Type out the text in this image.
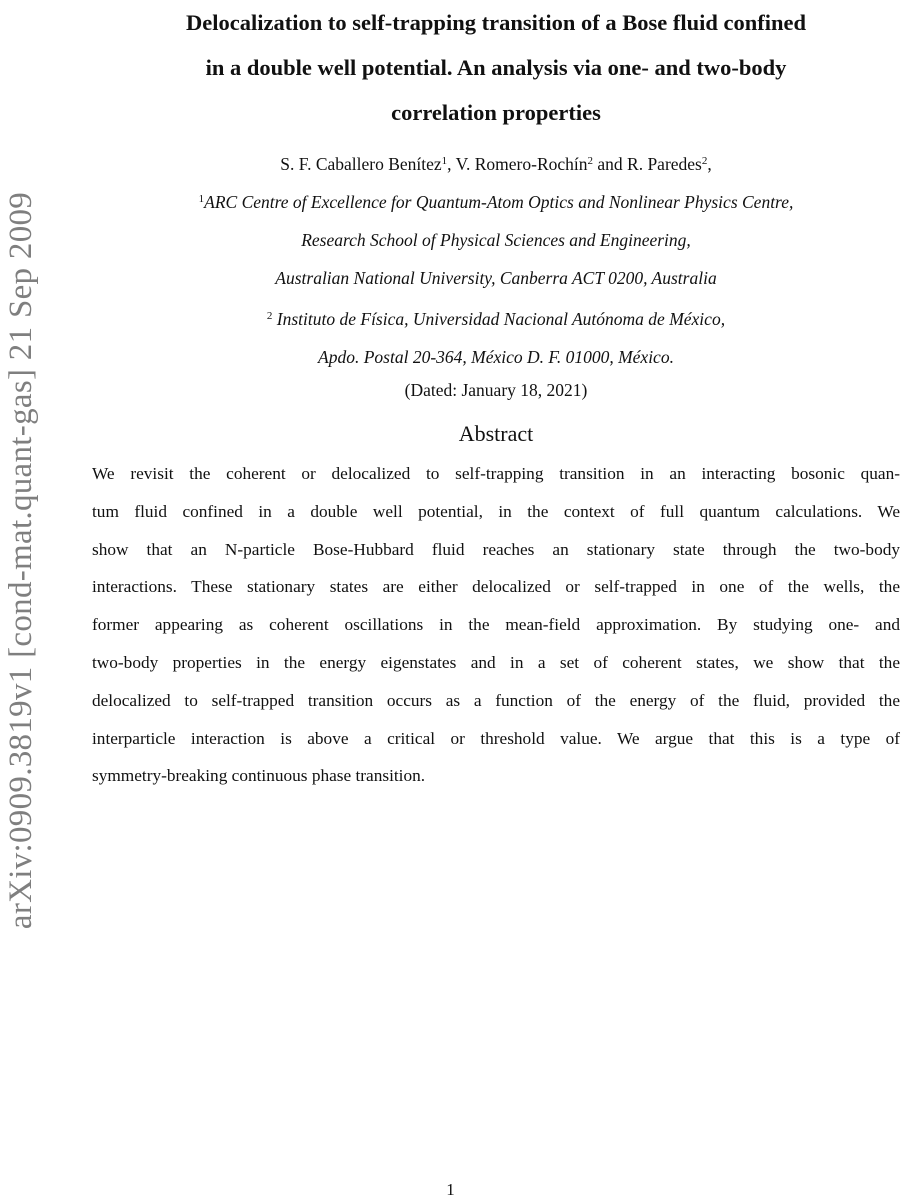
arXiv:0909.3819v1 [cond-mat.quant-gas] 21 Sep 2009
Delocalization to self-trapping transition of a Bose fluid confined
in a double well potential. An analysis via one- and two-body
correlation properties
S. F. Caballero Benítez$^1$, V. Romero-Rochín$^2$ and R. Paredes$^2$,
$^1$ARC Centre of Excellence for Quantum-Atom Optics and Nonlinear Physics Centre,
Research School of Physical Sciences and Engineering,
Australian National University, Canberra ACT 0200, Australia
$^2$ Instituto de Física, Universidad Nacional Autónoma de México,
Apdo. Postal 20-364, México D. F. 01000, México.
(Dated: January 18, 2021)
Abstract
We revisit the coherent or delocalized to self-trapping transition in an interacting bosonic quan-
tum fluid confined in a double well potential, in the context of full quantum calculations. We
show that an N-particle Bose-Hubbard fluid reaches an stationary state through the two-body
interactions. These stationary states are either delocalized or self-trapped in one of the wells, the
former appearing as coherent oscillations in the mean-field approximation. By studying one- and
two-body properties in the energy eigenstates and in a set of coherent states, we show that the
delocalized to self-trapped transition occurs as a function of the energy of the fluid, provided the
interparticle interaction is above a critical or threshold value. We argue that this is a type of
symmetry-breaking continuous phase transition.
1
